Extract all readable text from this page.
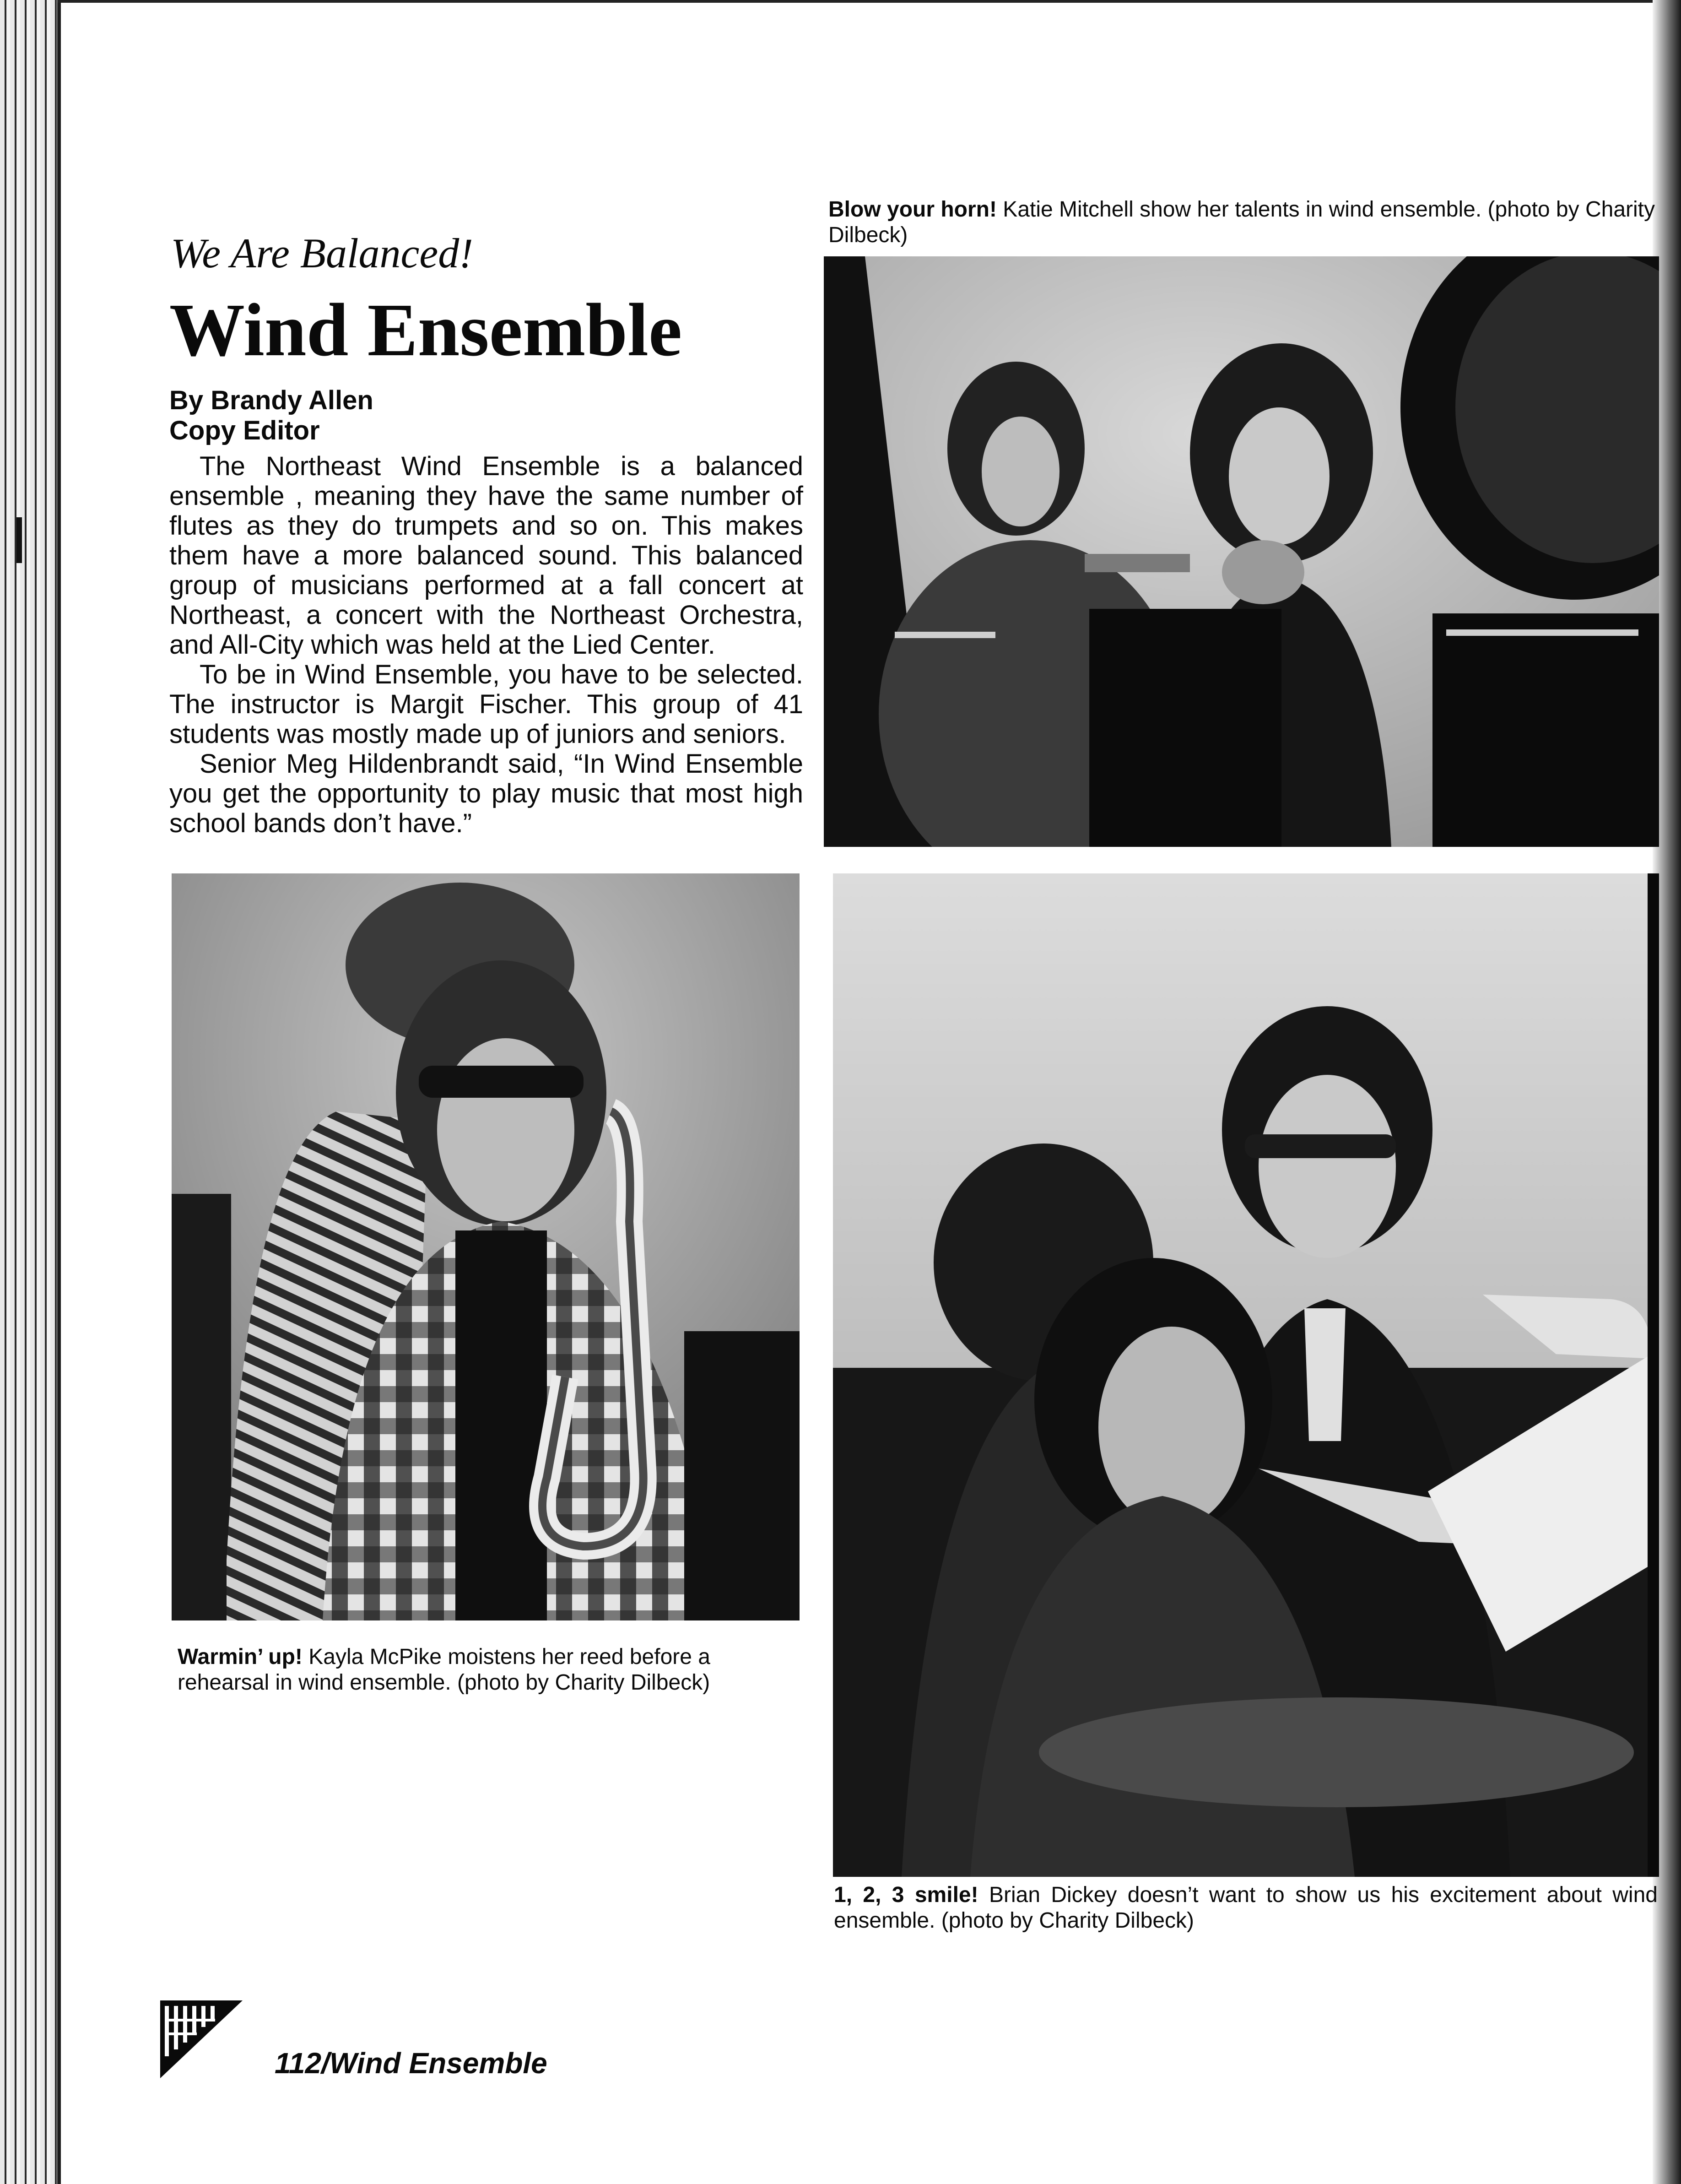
We Are Balanced!
Wind Ensemble
By Brandy Allen
Copy Editor

The Northeast Wind Ensemble is a balanced ensemble , meaning they have the same number of flutes as they do trumpets and so on. This makes them have a more balanced sound. This balanced group of musicians performed at a fall concert at Northeast, a concert with the Northeast Orchestra, and All-City which was held at the Lied Center.

To be in Wind Ensemble, you have to be selected. The instructor is Margit Fischer. This group of 41 students was mostly made up of juniors and seniors.

Senior Meg Hildenbrandt said, “In Wind Ensemble you get the opportunity to play music that most high school bands don’t have.”

Blow your horn! Katie Mitchell show her talents in wind ensemble. (photo by Charity Dilbeck)
Warmin’ up! Kayla McPike moistens her reed before a rehearsal in wind ensemble. (photo by Charity Dilbeck)
1, 2, 3 smile! Brian Dickey doesn’t want to show us his excitement about wind ensemble. (photo by Charity Dilbeck)
112/Wind Ensemble
